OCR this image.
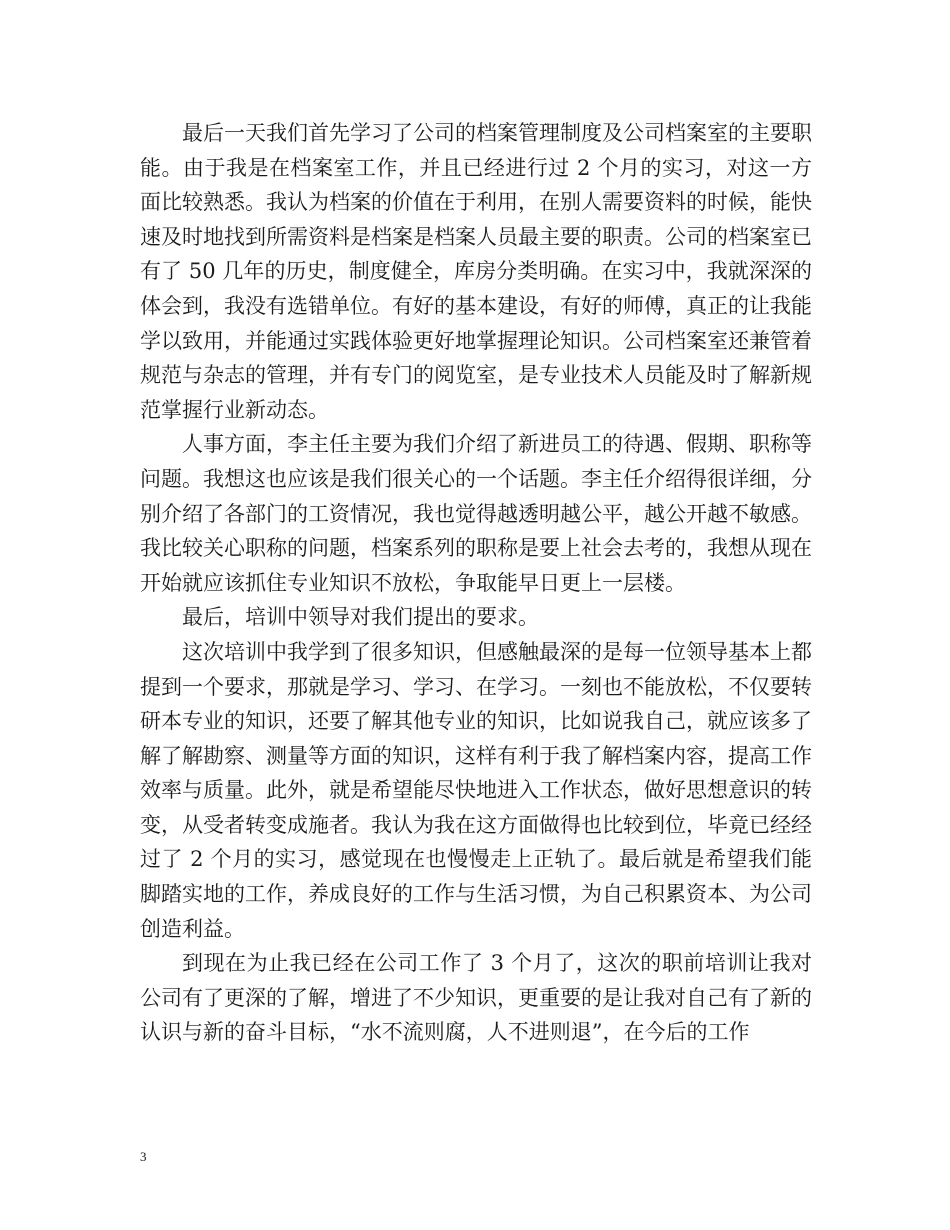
最后一天我们首先学习了公司的档案管理制度及公司档案室的主要职能。由于我是在档案室工作，并且已经进行过 2 个月的实习，对这一方面比较熟悉。我认为档案的价值在于利用，在别人需要资料的时候，能快速及时地找到所需资料是档案是档案人员最主要的职责。公司的档案室已有了 50 几年的历史，制度健全，库房分类明确。在实习中，我就深深的体会到，我没有选错单位。有好的基本建设，有好的师傅，真正的让我能学以致用，并能通过实践体验更好地掌握理论知识。公司档案室还兼管着规范与杂志的管理，并有专门的阅览室，是专业技术人员能及时了解新规范掌握行业新动态。

人事方面，李主任主要为我们介绍了新进员工的待遇、假期、职称等问题。我想这也应该是我们很关心的一个话题。李主任介绍得很详细，分别介绍了各部门的工资情况，我也觉得越透明越公平，越公开越不敏感。我比较关心职称的问题，档案系列的职称是要上社会去考的，我想从现在开始就应该抓住专业知识不放松，争取能早日更上一层楼。

最后，培训中领导对我们提出的要求。

这次培训中我学到了很多知识，但感触最深的是每一位领导基本上都提到一个要求，那就是学习、学习、在学习。一刻也不能放松，不仅要转研本专业的知识，还要了解其他专业的知识，比如说我自己，就应该多了解了解勘察、测量等方面的知识，这样有利于我了解档案内容，提高工作效率与质量。此外，就是希望能尽快地进入工作状态，做好思想意识的转变，从受者转变成施者。我认为我在这方面做得也比较到位，毕竟已经经过了 2 个月的实习，感觉现在也慢慢走上正轨了。最后就是希望我们能脚踏实地的工作，养成良好的工作与生活习惯，为自己积累资本、为公司创造利益。

到现在为止我已经在公司工作了 3 个月了，这次的职前培训让我对公司有了更深的了解，增进了不少知识，更重要的是让我对自己有了新的认识与新的奋斗目标，“水不流则腐，人不进则退”，在今后的工作

3
